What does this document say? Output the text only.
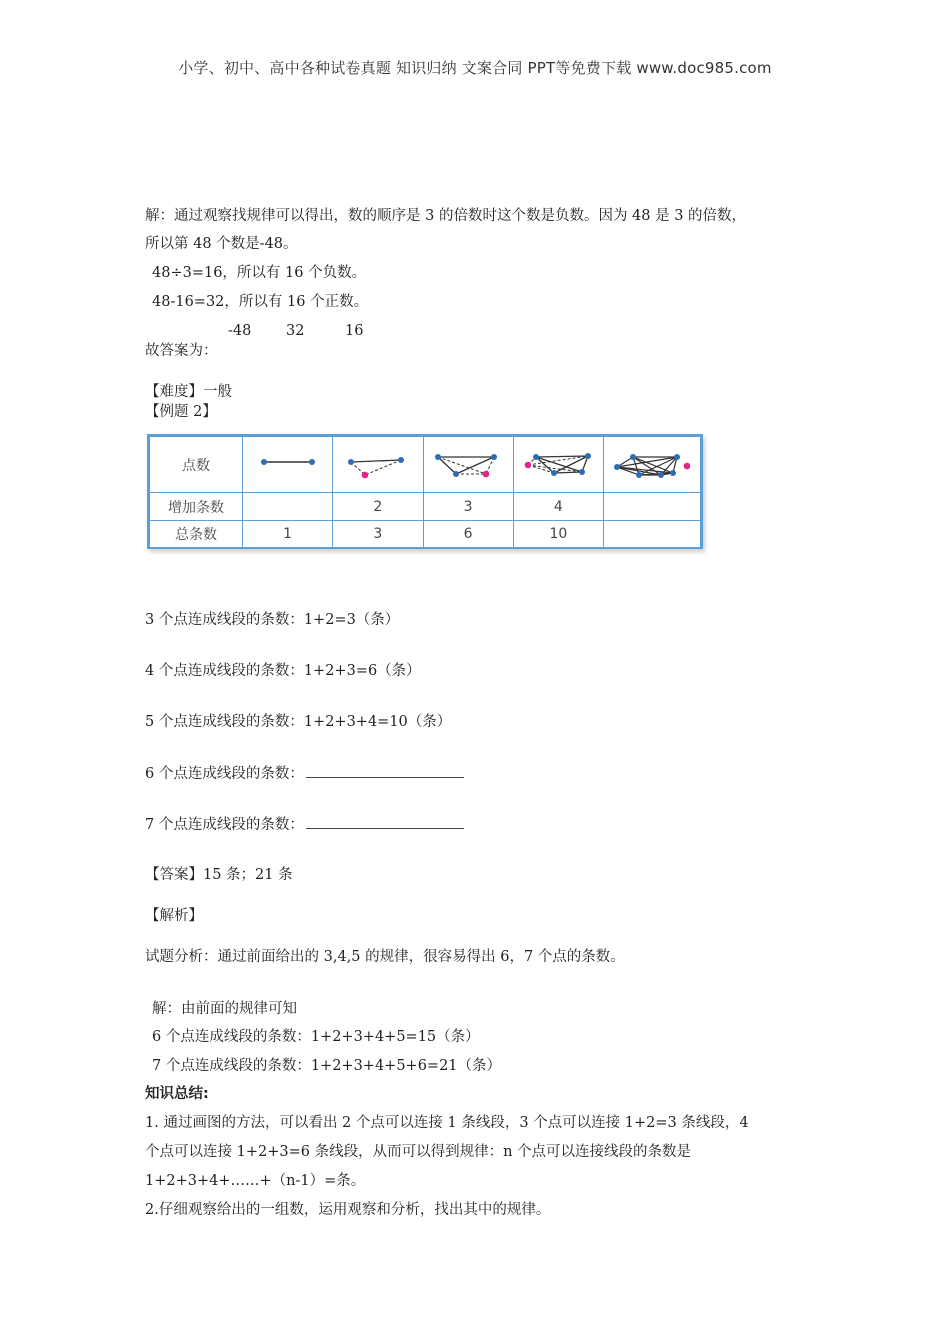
小学、初中、高中各种试卷真题 知识归纳 文案合同 PPT等免费下载 www.doc985.com
解：通过观察找规律可以得出，数的顺序是 3 的倍数时这个数是负数。因为 48 是 3 的倍数，
所以第 48 个数是-48。
48÷3=16，所以有 16 个负数。
48-16=32，所以有 16 个正数。
-48 32	16
故答案为：
【难度】一般
【例题 2】
点数	

增加条数		2	3	4	
总条数	1	3	6	10	
3 个点连成线段的条数：1+2=3（条）
4 个点连成线段的条数：1+2+3=6（条）
5 个点连成线段的条数：1+2+3+4=10（条）
6 个点连成线段的条数：
7 个点连成线段的条数：
【答案】15 条；21 条
【解析】
试题分析：通过前面给出的 3,4,5 的规律，很容易得出 6，7 个点的条数。
解：由前面的规律可知
6 个点连成线段的条数：1+2+3+4+5=15（条）
7 个点连成线段的条数：1+2+3+4+5+6=21（条）
知识总结:
1. 通过画图的方法，可以看出 2 个点可以连接 1 条线段，3 个点可以连接 1+2=3 条线段，4
个点可以连接 1+2+3=6 条线段，从而可以得到规律：n 个点可以连接线段的条数是
1+2+3+4+……+（n-1）=条。
2.仔细观察给出的一组数，运用观察和分析，找出其中的规律。
